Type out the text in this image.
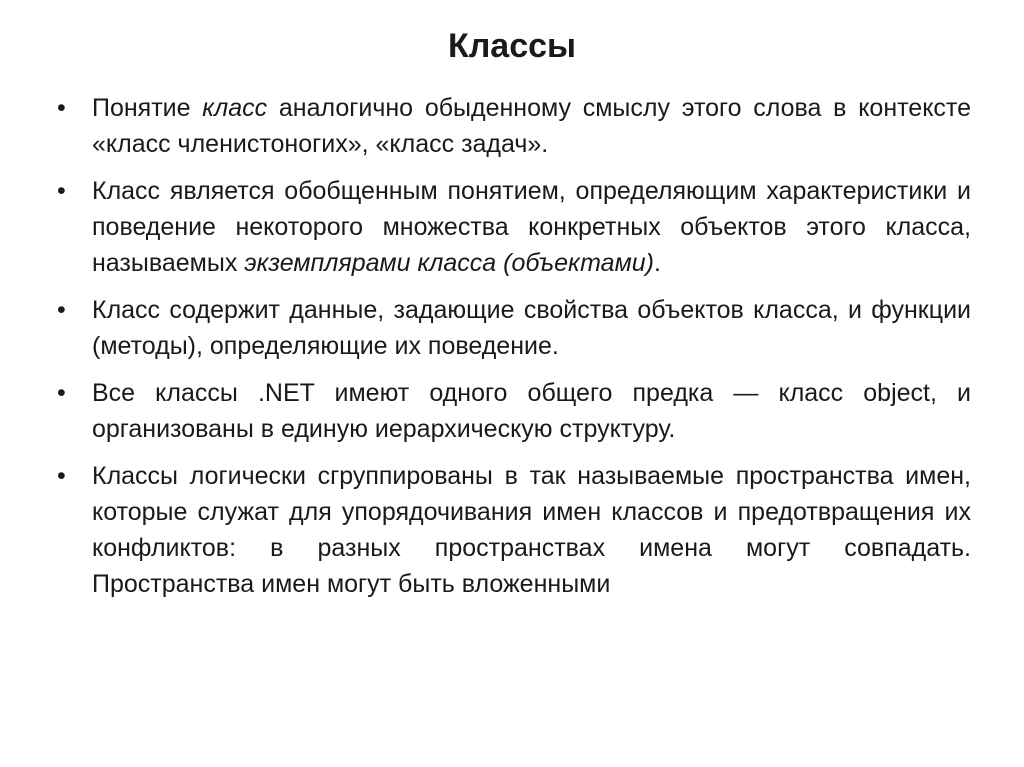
Классы
•	Понятие класс аналогично обыденному смыслу этого слова в контексте «класс членистоногих», «класс задач».
•	Класс является обобщенным понятием, определяющим характеристики и поведение некоторого множества конкретных объектов этого класса, называемых экземплярами класса (объектами).
•	Класс содержит данные, задающие свойства объектов класса, и функции (методы), определяющие их поведение.
•	Все классы .NET имеют одного общего предка — класс object, и организованы в единую иерархическую структуру.
•	Классы логически сгруппированы в так называемые пространства имен, которые служат для упорядочивания имен классов и предотвращения их конфликтов: в разных пространствах имена могут совпадать. Пространства имен могут быть вложенными
